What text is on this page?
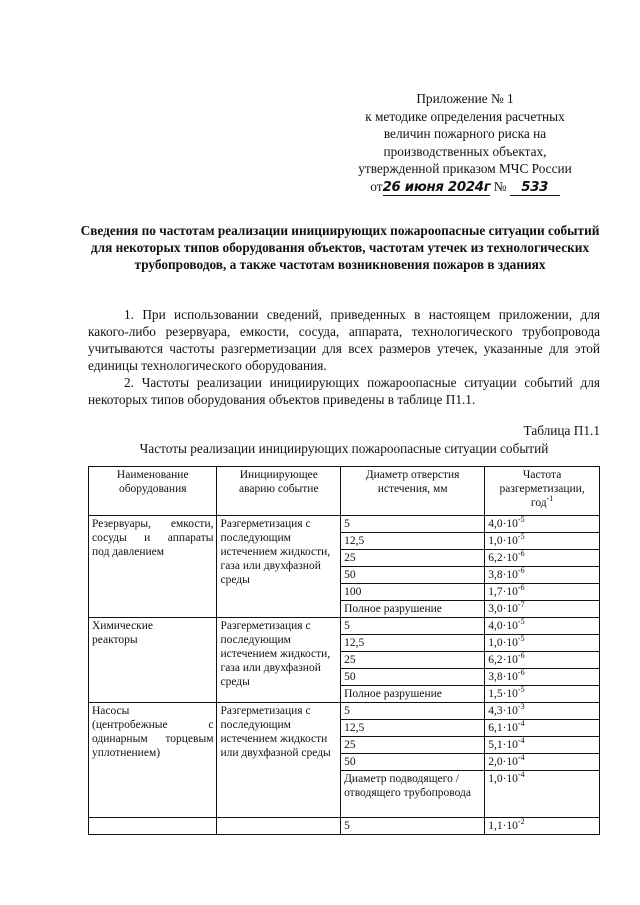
Приложение № 1
к методике определения расчетных
величин пожарного риска на
производственных объектах,
утвержденной приказом МЧС России
от26 июня 2024г № 533
Сведения по частотам реализации инициирующих пожароопасные ситуации событий для некоторых типов оборудования объектов, частотам утечек из технологических трубопроводов, а также частотам возникновения пожаров в зданиях
1. При использовании сведений, приведенных в настоящем приложении, для какого-либо резервуара, емкости, сосуда, аппарата, технологического трубопровода учитываются частоты разгерметизации для всех размеров утечек, указанные для этой единицы технологического оборудования.
2. Частоты реализации инициирующих пожароопасные ситуации событий для некоторых типов оборудования объектов приведены в таблице П1.1.
Таблица П1.1
Частоты реализации инициирующих пожароопасные ситуации событий
Наименование оборудования	Инициирующее аварию событие	Диаметр отверстия истечения, мм	Частота разгерметизации, год$^{-1}$

Резервуары, емкости,
сосуды и аппараты
под давлением	Разгерметизация с последующим истечением жидкости, газа или двухфазной среды	5	$4,0\cdot 10^{-5}$
		12,5	$1,0\cdot 10^{-5}$
		25	$6,2\cdot 10^{-6}$
		50	$3,8\cdot 10^{-6}$
		100	$1,7\cdot 10^{-6}$
		Полное разрушение	$3,0\cdot 10^{-7}$

Химические
реакторы	Разгерметизация с последующим истечением жидкости, газа или двухфазной среды	5	$4,0\cdot 10^{-5}$
		12,5	$1,0\cdot 10^{-5}$
		25	$6,2\cdot 10^{-6}$
		50	$3,8\cdot 10^{-6}$
		Полное разрушение	$1,5\cdot 10^{-5}$

Насосы
(центробежные с
одинарным торцевым
уплотнением)	Разгерметизация с последующим истечением жидкости или двухфазной среды	5	$4,3\cdot 10^{-3}$
		12,5	$6,1\cdot 10^{-4}$
		25	$5,1\cdot 10^{-4}$
		50	$2,0\cdot 10^{-4}$
		Диаметр подводящего / отводящего трубопровода	$1,0\cdot 10^{-4}$
		5	$1,1\cdot 10^{-2}$
